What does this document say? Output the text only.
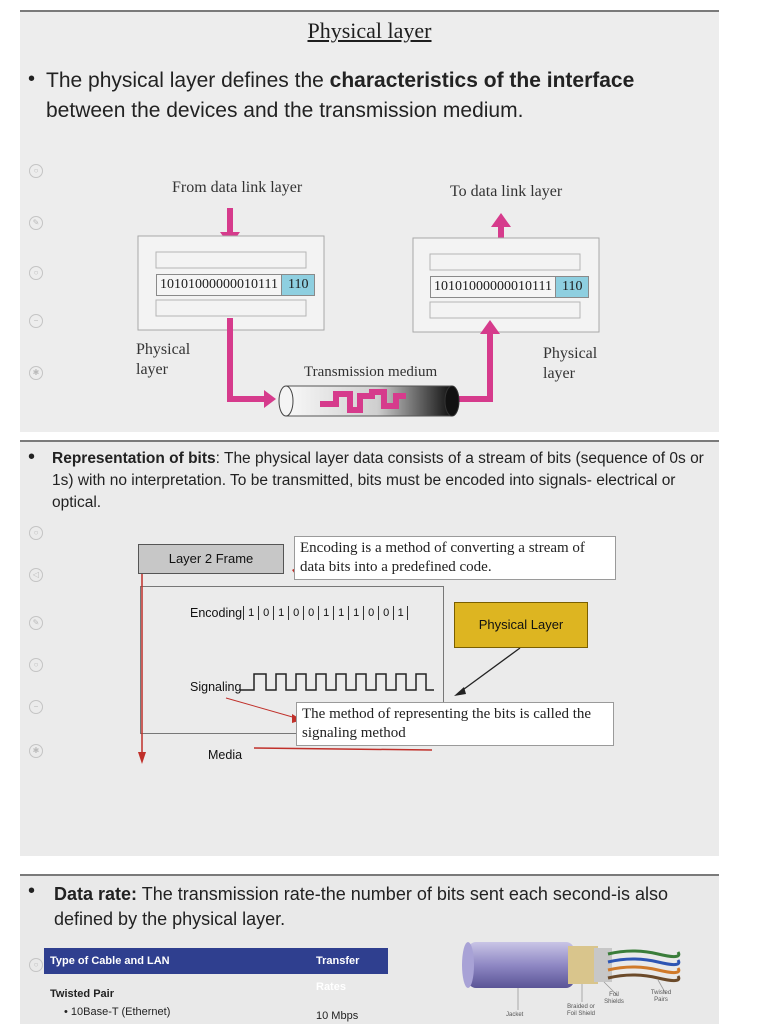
Physical layer
• The physical layer defines the characteristics of the interface between the devices and the transmission medium.
○
✎
○
−
✱
From data link layer	To data link layer
10101000000010111 110	10101000000010111 110
Physical
layer
Physical
layer
Transmission medium
• Representation of bits: The physical layer data consists of a stream of bits (sequence of 0s or 1s) with no interpretation. To be transmitted, bits must be encoded into signals- electrical or optical.
○
◁
✎
○
−
✱
Layer 2 Frame
Encoding is a method of converting a stream of data bits into a predefined code.
Encoding 1 0 1 0 0 1 1 1 0 0 1
Physical Layer
Signaling
The method of representing the bits is called the signaling method
Media
• Data rate: The transmission rate-the number of bits sent each second-is also defined by the physical layer.
○	Type of Cable and LAN	Transfer Rates
Twisted Pair
• 10Base-T (Ethernet)	10 Mbps	Jacket
Braided or Foil Shield
Foil Shields
Twisted Pairs
